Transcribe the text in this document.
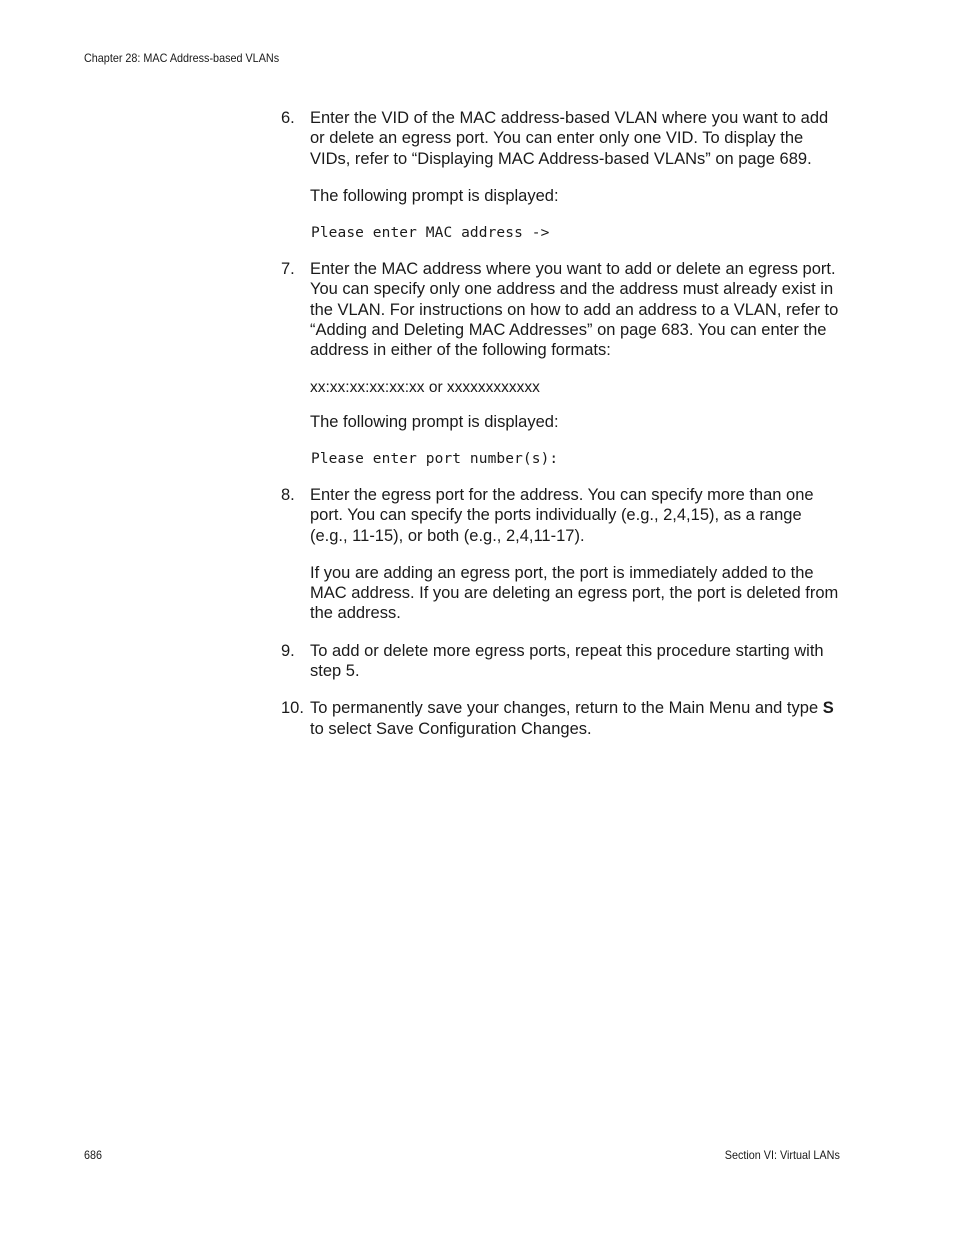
Chapter 28: MAC Address-based VLANs
6. Enter the VID of the MAC address-based VLAN where you want to add or delete an egress port. You can enter only one VID. To display the VIDs, refer to “Displaying MAC Address-based VLANs” on page 689.
The following prompt is displayed:
Please enter MAC address ->
7. Enter the MAC address where you want to add or delete an egress port. You can specify only one address and the address must already exist in the VLAN. For instructions on how to add an address to a VLAN, refer to “Adding and Deleting MAC Addresses” on page 683. You can enter the address in either of the following formats:
xx:xx:xx:xx:xx:xx or xxxxxxxxxxxx
The following prompt is displayed:
Please enter port number(s):
8. Enter the egress port for the address. You can specify more than one port. You can specify the ports individually (e.g., 2,4,15), as a range (e.g., 11-15), or both (e.g., 2,4,11-17).
If you are adding an egress port, the port is immediately added to the MAC address. If you are deleting an egress port, the port is deleted from the address.
9. To add or delete more egress ports, repeat this procedure starting with step 5.
10. To permanently save your changes, return to the Main Menu and type S to select Save Configuration Changes.
686	Section VI: Virtual LANs
